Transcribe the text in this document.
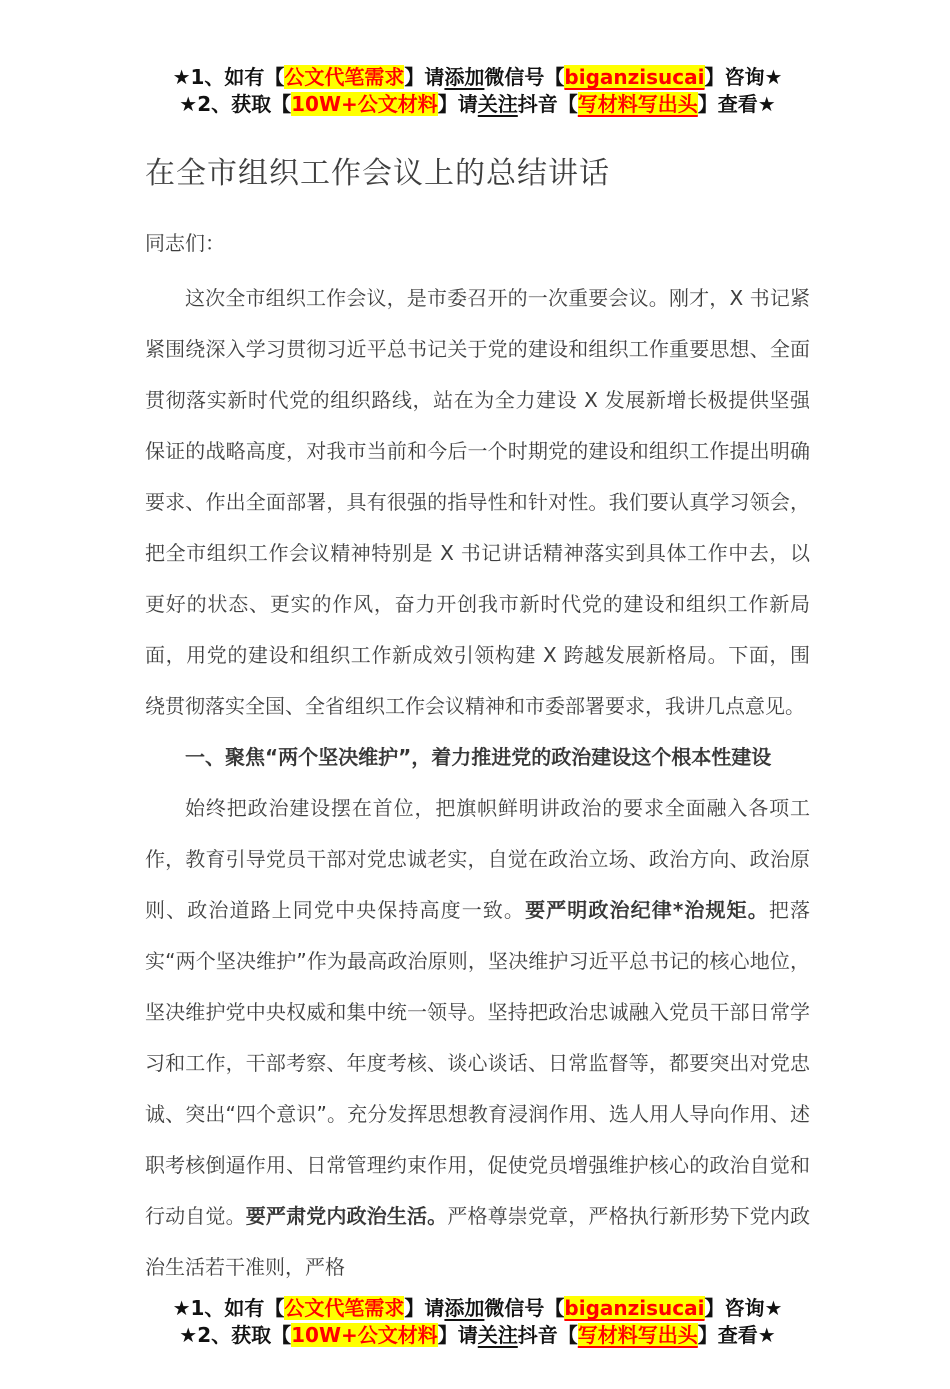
★1、如有【公文代笔需求】请添加微信号【biganzisucai】咨询★
★2、获取【10W+公文材料】请关注抖音【写材料写出头】查看★
在全市组织工作会议上的总结讲话

同志们：

这次全市组织工作会议，是市委召开的一次重要会议。刚才，X 书记紧紧围绕深入学习贯彻习近平总书记关于党的建设和组织工作重要思想、全面贯彻落实新时代党的组织路线，站在为全力建设 X 发展新增长极提供坚强保证的战略高度，对我市当前和今后一个时期党的建设和组织工作提出明确要求、作出全面部署，具有很强的指导性和针对性。我们要认真学习领会，把全市组织工作会议精神特别是 X 书记讲话精神落实到具体工作中去，以更好的状态、更实的作风，奋力开创我市新时代党的建设和组织工作新局面，用党的建设和组织工作新成效引领构建 X 跨越发展新格局。下面，围绕贯彻落实全国、全省组织工作会议精神和市委部署要求，我讲几点意见。

一、聚焦“两个坚决维护”，着力推进党的政治建设这个根本性建设

始终把政治建设摆在首位，把旗帜鲜明讲政治的要求全面融入各项工作，教育引导党员干部对党忠诚老实，自觉在政治立场、政治方向、政治原则、政治道路上同党中央保持高度一致。要严明政治纪律*治规矩。把落实“两个坚决维护”作为最高政治原则，坚决维护习近平总书记的核心地位，坚决维护党中央权威和集中统一领导。坚持把政治忠诚融入党员干部日常学习和工作，干部考察、年度考核、谈心谈话、日常监督等，都要突出对党忠诚、突出“四个意识”。充分发挥思想教育浸润作用、选人用人导向作用、述职考核倒逼作用、日常管理约束作用，促使党员增强维护核心的政治自觉和行动自觉。要严肃党内政治生活。严格尊崇党章，严格执行新形势下党内政治生活若干准则，严格

★1、如有【公文代笔需求】请添加微信号【biganzisucai】咨询★
★2、获取【10W+公文材料】请关注抖音【写材料写出头】查看★
